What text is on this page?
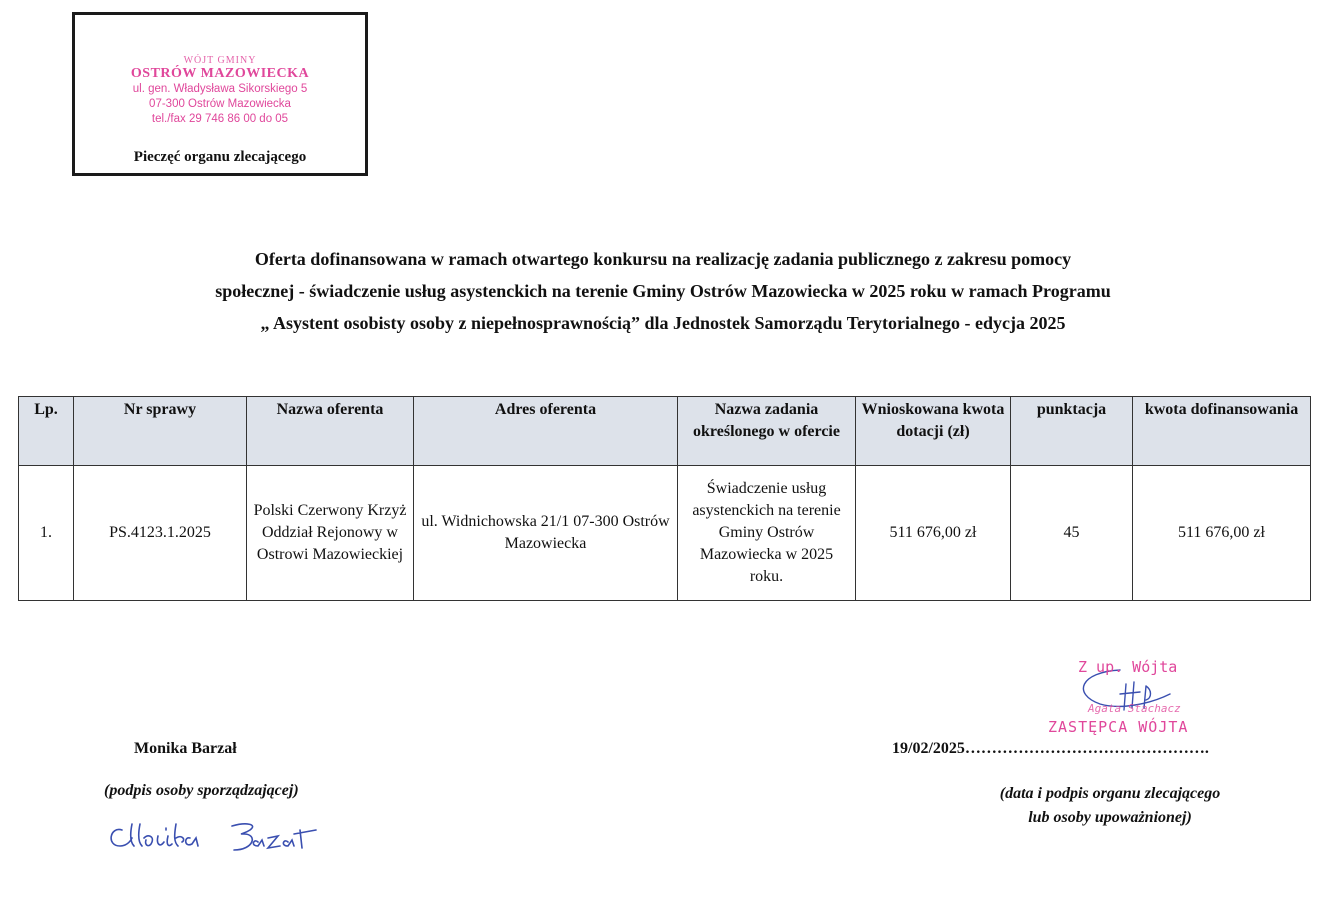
WÓJT GMINY
OSTRÓW MAZOWIECKA
ul. gen. Władysława Sikorskiego 5
07-300 Ostrów Mazowiecka
tel./fax 29 746 86 00 do 05
Pieczęć organu zlecającego
Oferta dofinansowana w ramach otwartego konkursu na realizację zadania publicznego z zakresu pomocy
społecznej - świadczenie usług asystenckich na terenie Gminy Ostrów Mazowiecka w 2025 roku w ramach Programu
„ Asystent osobisty osoby z niepełnosprawnością” dla Jednostek Samorządu Terytorialnego - edycja 2025
Lp.	Nr sprawy	Nazwa oferenta	Adres oferenta	Nazwa zadania określonego w ofercie	Wnioskowana kwota dotacji (zł)	punktacja	kwota dofinansowania
1.	PS.4123.1.2025	Polski Czerwony Krzyż Oddział Rejonowy w Ostrowi Mazowieckiej	ul. Widnichowska 21/1 07-300 Ostrów Mazowiecka	Świadczenie usług asystenckich na terenie Gminy Ostrów Mazowiecka w 2025 roku.	511 676,00 zł	45	511 676,00 zł
Monika Barzał
(podpis osoby sporządzającej)
Z up. Wójta
Agata Stachacz
ZASTĘPCA WÓJTA
19/02/2025……………………………………….
(data i podpis organu zlecającego
lub osoby upoważnionej)
